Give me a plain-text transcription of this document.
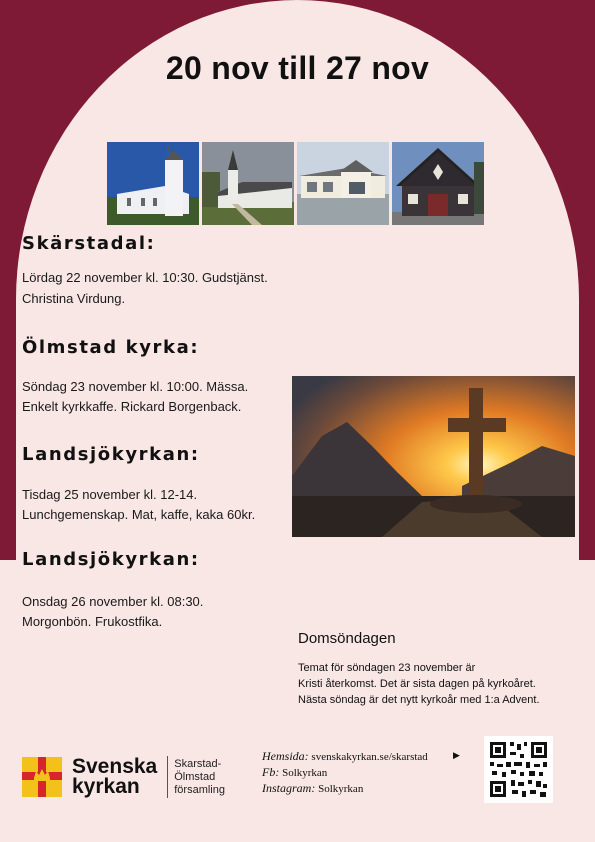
20 nov till 27 nov
Skärstadal:
Lördag 22 november kl. 10:30. Gudstjänst.
Christina Virdung.
Ölmstad kyrka:
Söndag 23 november kl. 10:00. Mässa.
Enkelt kyrkkaffe. Rickard Borgenback.
Landsjökyrkan:
Tisdag 25 november kl. 12-14.
Lunchgemenskap. Mat, kaffe, kaka 60kr.
Landsjökyrkan:
Onsdag 26 november kl. 08:30.
Morgonbön. Frukostfika.
Domsöndagen
Temat för söndagen 23 november är
Kristi återkomst. Det är sista dagen på kyrkoåret.
Nästa söndag är det nytt kyrkoår med 1:a Advent.
Svenska
kyrkan
Skarstad-
Ölmstad
församling
Hemsida: svenskakyrkan.se/skarstad
Fb: Solkyrkan
Instagram: Solkyrkan
▶
